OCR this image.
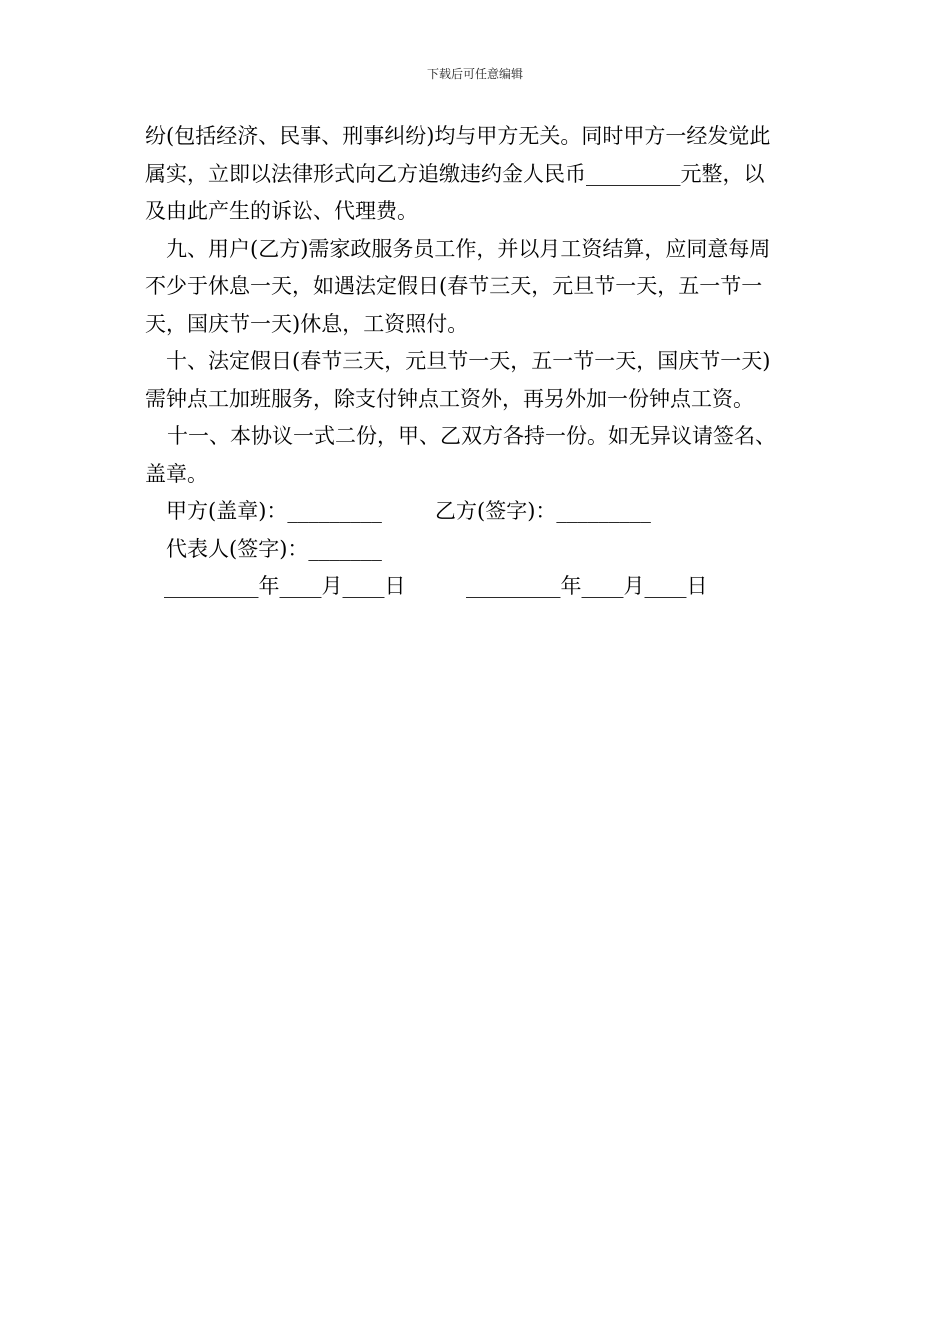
下载后可任意编辑
纷(包括经济、民事、刑事纠纷)均与甲方无关。同时甲方一经发觉此
属实，立即以法律形式向乙方追缴违约金人民币_________元整，以
及由此产生的诉讼、代理费。
九、用户(乙方)需家政服务员工作，并以月工资结算，应同意每周
不少于休息一天，如遇法定假日(春节三天，元旦节一天，五一节一
天，国庆节一天)休息，工资照付。
十、法定假日(春节三天，元旦节一天，五一节一天，国庆节一天)
需钟点工加班服务，除支付钟点工资外，再另外加一份钟点工资。
十一、本协议一式二份，甲、乙双方各持一份。如无异议请签名、
盖章。
甲方(盖章)：_________	乙方(签字)：_________
代表人(签字)：_______
_________年____月____日	_________年____月____日
